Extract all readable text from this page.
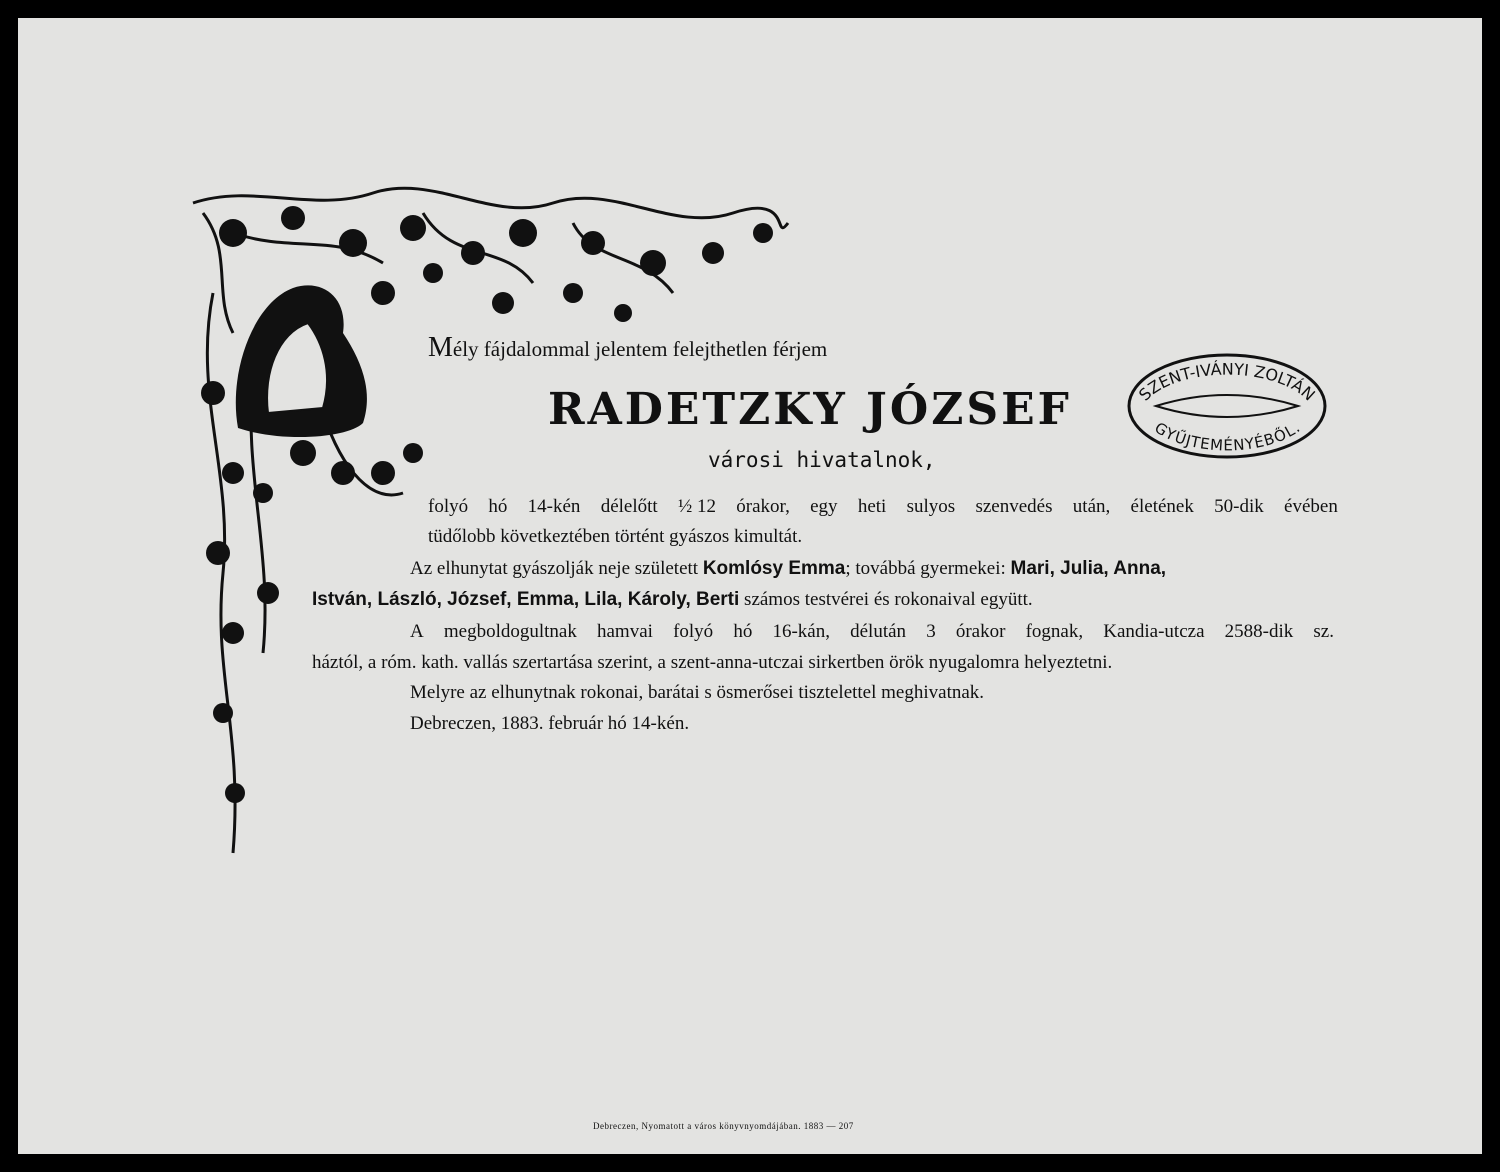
Mély fájdalommal jelentem felejthetlen férjem
RADETZKY JÓZSEF
városi hivatalnok,
SZENT-IVÁNYI ZOLTÁN
GYŰJTEMÉNYÉBŐL.
folyó hó 14-kén délelőtt ½ 12 órakor, egy heti sulyos szenvedés után, életének 50-dik évében
tüdőlobb következtében történt gyászos kimultát.
Az elhunytat gyászolják neje született Komlósy Emma; továbbá gyermekei: Mari, Julia, Anna,
István, László, József, Emma, Lila, Károly, Berti számos testvérei és rokonaival együtt.
A megboldogultnak hamvai folyó hó 16-kán, délután 3 órakor fognak, Kandia-utcza 2588-dik sz.
háztól, a róm. kath. vallás szertartása szerint, a szent-anna-utczai sirkertben örök nyugalomra helyeztetni.
Melyre az elhunytnak rokonai, barátai s ösmerősei tisztelettel meghivatnak.
Debreczen, 1883. február hó 14-kén.
Debreczen, Nyomatott a város könyvnyomdájában. 1883 — 207
